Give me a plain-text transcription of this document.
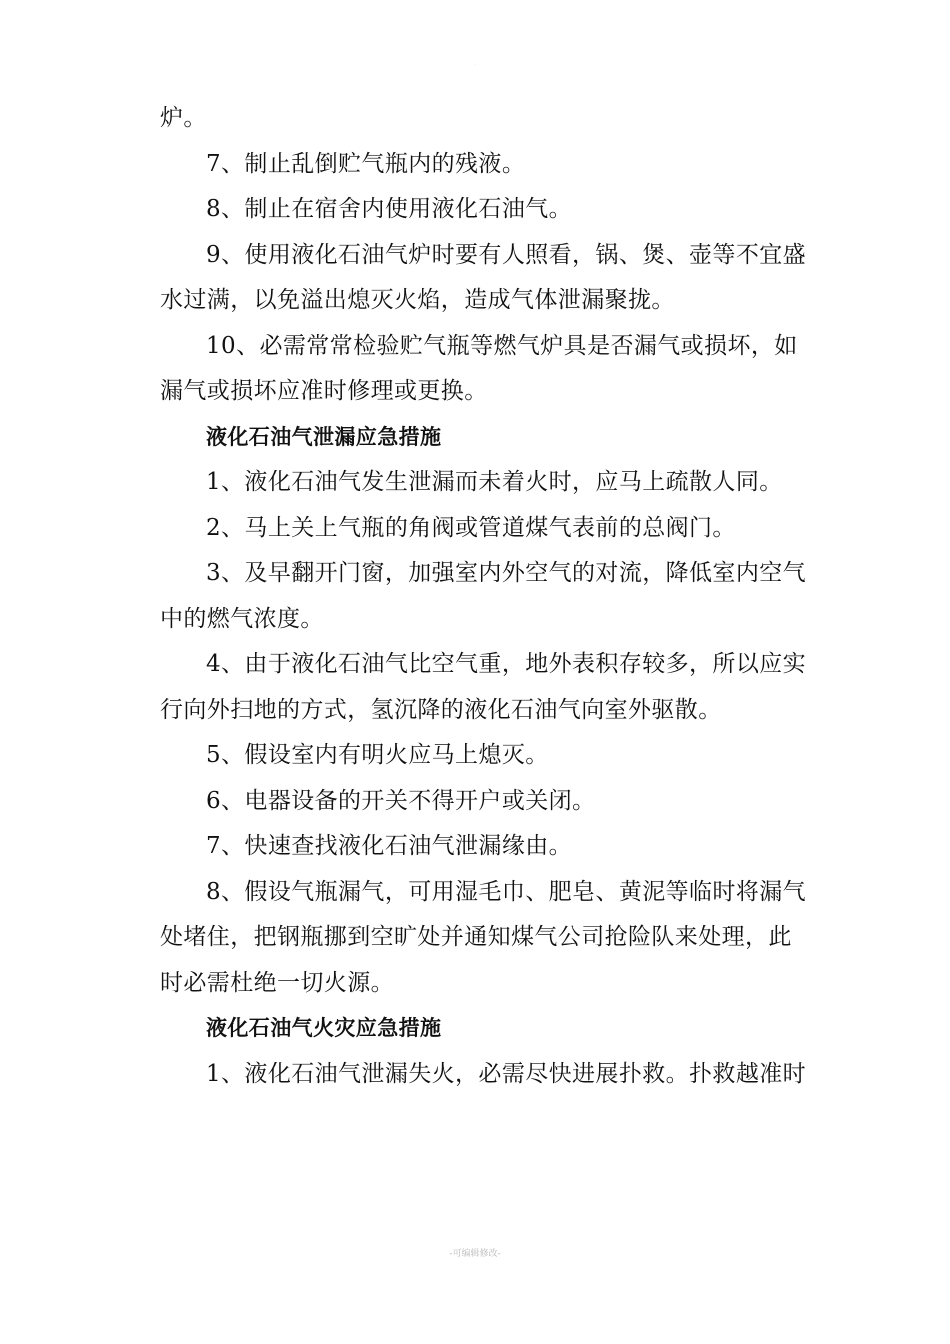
·
炉。
7、制止乱倒贮气瓶内的残液。
8、制止在宿舍内使用液化石油气。
9、使用液化石油气炉时要有人照看，锅、煲、壶等不宜盛
水过满，以免溢出熄灭火焰，造成气体泄漏聚拢。
10、必需常常检验贮气瓶等燃气炉具是否漏气或损坏，如
漏气或损坏应准时修理或更换。
液化石油气泄漏应急措施
1、液化石油气发生泄漏而未着火时，应马上疏散人同。
2、马上关上气瓶的角阀或管道煤气表前的总阀门。
3、及早翻开门窗，加强室内外空气的对流，降低室内空气
中的燃气浓度。
4、由于液化石油气比空气重，地外表积存较多，所以应实
行向外扫地的方式，氢沉降的液化石油气向室外驱散。
5、假设室内有明火应马上熄灭。
6、电器设备的开关不得开户或关闭。
7、快速查找液化石油气泄漏缘由。
8、假设气瓶漏气，可用湿毛巾、肥皂、黄泥等临时将漏气
处堵住，把钢瓶挪到空旷处并通知煤气公司抢险队来处理，此
时必需杜绝一切火源。
液化石油气火灾应急措施
1、液化石油气泄漏失火，必需尽快进展扑救。扑救越准时
-可编辑修改-
